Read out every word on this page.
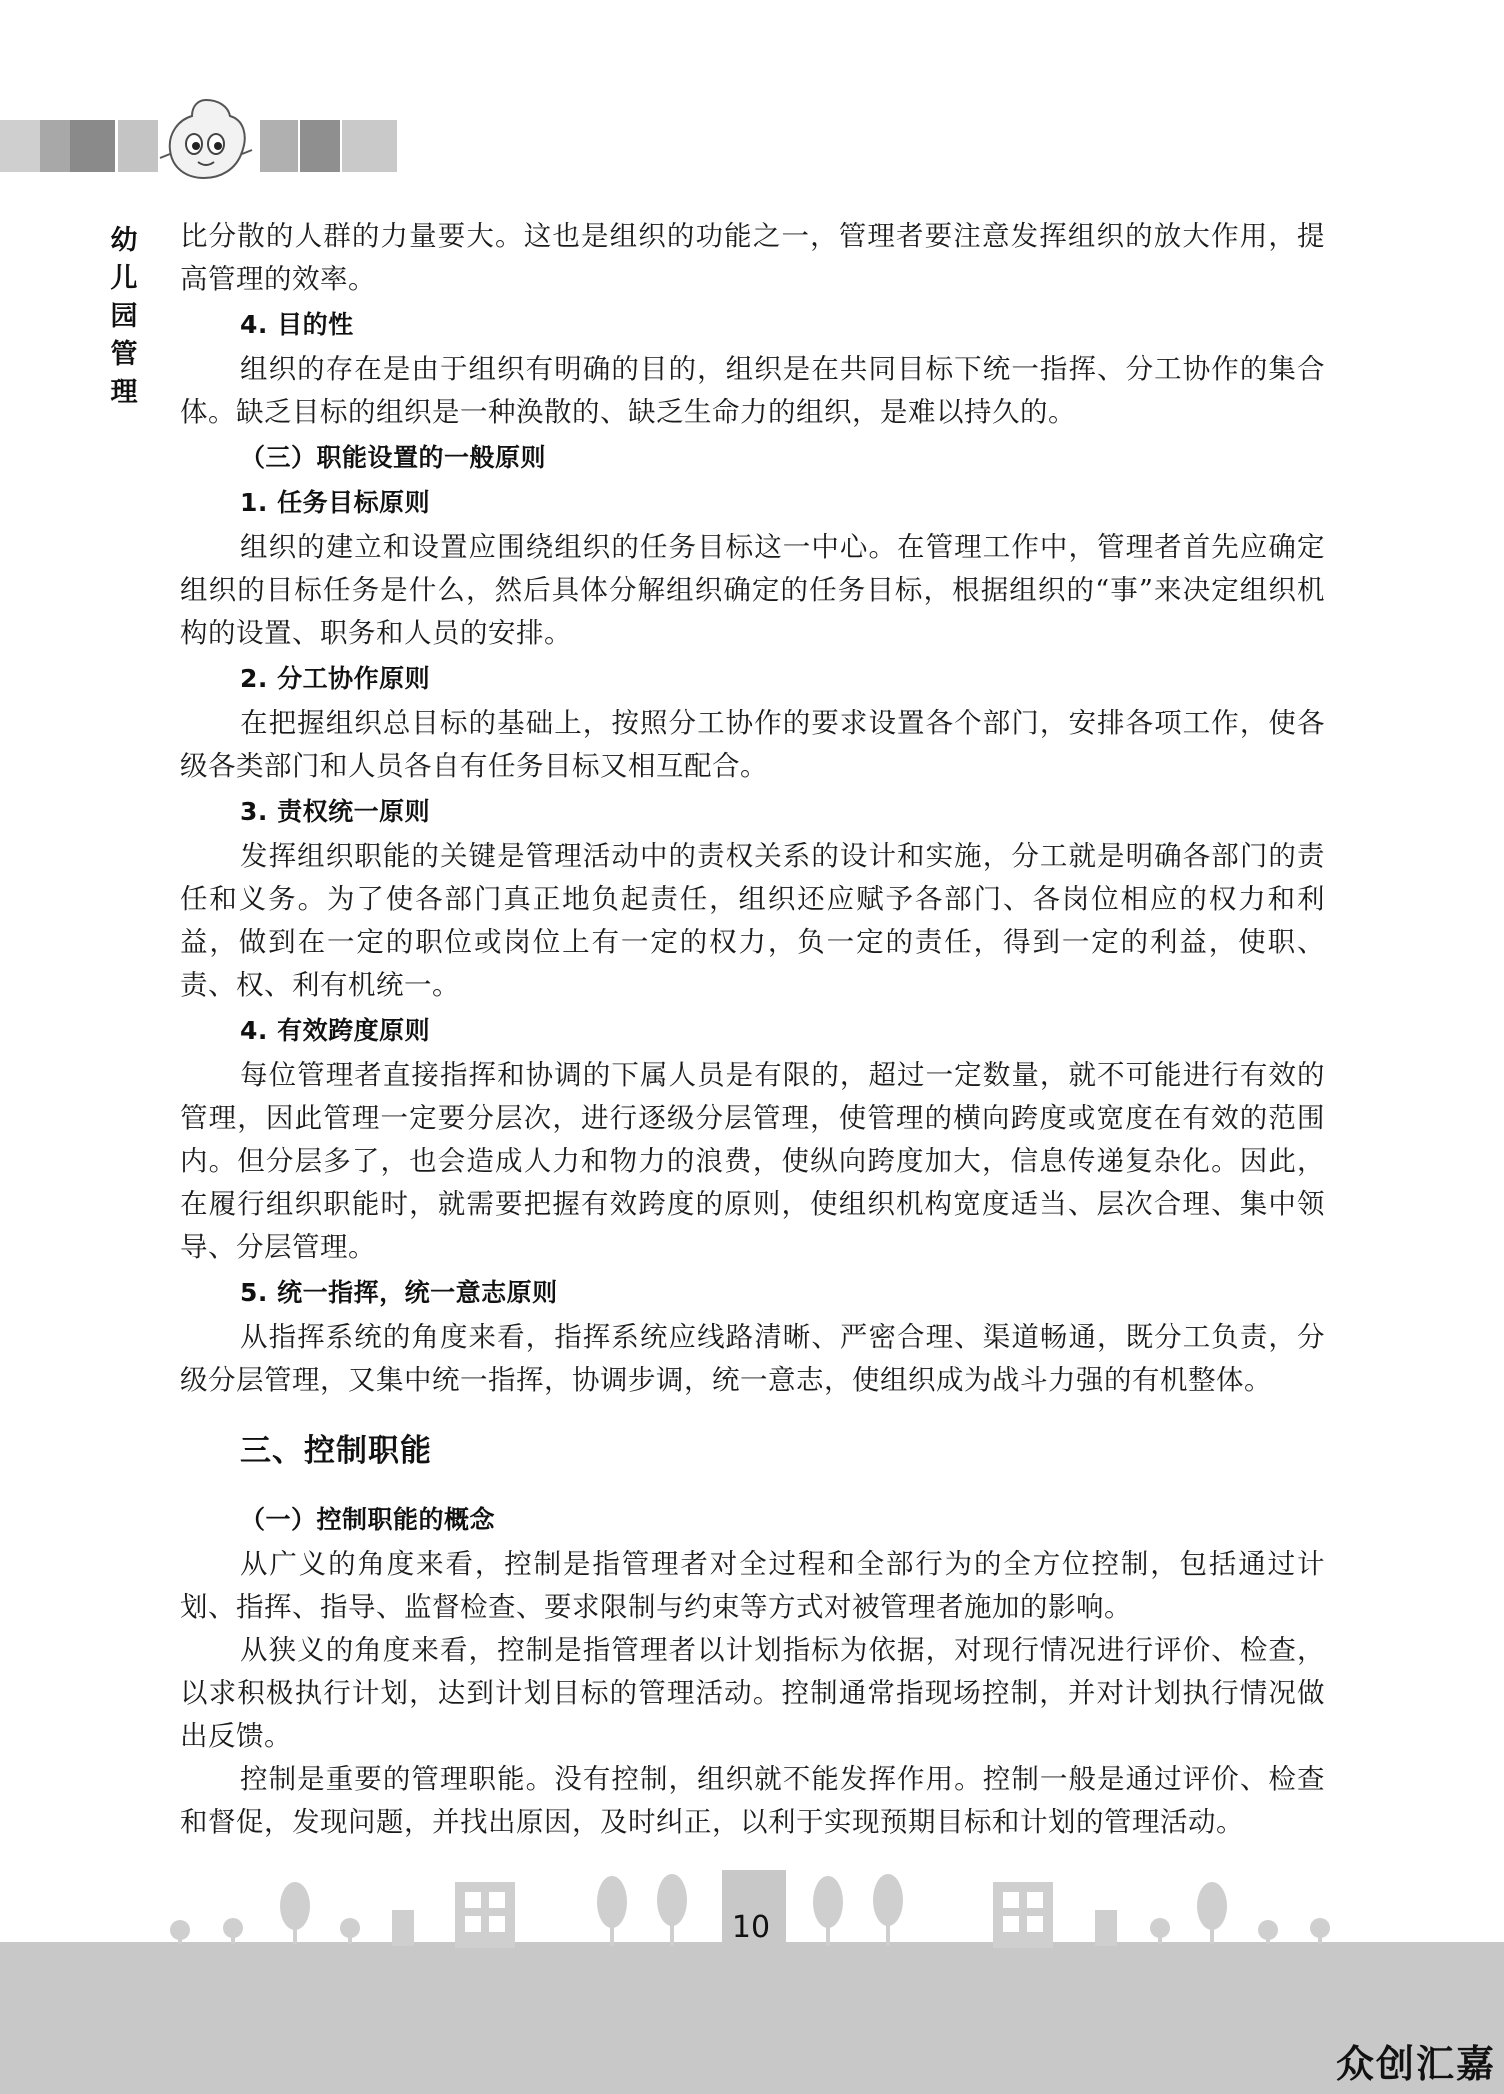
幼
儿
园
管
理

比分散的人群的力量要大。这也是组织的功能之一，管理者要注意发挥组织的放大作用，提高管理的效率。

4. 目的性

组织的存在是由于组织有明确的目的，组织是在共同目标下统一指挥、分工协作的集合体。缺乏目标的组织是一种涣散的、缺乏生命力的组织，是难以持久的。

（三）职能设置的一般原则
1. 任务目标原则

组织的建立和设置应围绕组织的任务目标这一中心。在管理工作中，管理者首先应确定组织的目标任务是什么，然后具体分解组织确定的任务目标，根据组织的“事”来决定组织机构的设置、职务和人员的安排。

2. 分工协作原则

在把握组织总目标的基础上，按照分工协作的要求设置各个部门，安排各项工作，使各级各类部门和人员各自有任务目标又相互配合。

3. 责权统一原则

发挥组织职能的关键是管理活动中的责权关系的设计和实施，分工就是明确各部门的责任和义务。为了使各部门真正地负起责任，组织还应赋予各部门、各岗位相应的权力和利益，做到在一定的职位或岗位上有一定的权力，负一定的责任，得到一定的利益，使职、责、权、利有机统一。

4. 有效跨度原则

每位管理者直接指挥和协调的下属人员是有限的，超过一定数量，就不可能进行有效的管理，因此管理一定要分层次，进行逐级分层管理，使管理的横向跨度或宽度在有效的范围内。但分层多了，也会造成人力和物力的浪费，使纵向跨度加大，信息传递复杂化。因此，在履行组织职能时，就需要把握有效跨度的原则，使组织机构宽度适当、层次合理、集中领导、分层管理。

5. 统一指挥，统一意志原则

从指挥系统的角度来看，指挥系统应线路清晰、严密合理、渠道畅通，既分工负责，分级分层管理，又集中统一指挥，协调步调，统一意志，使组织成为战斗力强的有机整体。

三、控制职能
（一）控制职能的概念

从广义的角度来看，控制是指管理者对全过程和全部行为的全方位控制，包括通过计划、指挥、指导、监督检查、要求限制与约束等方式对被管理者施加的影响。

从狭义的角度来看，控制是指管理者以计划指标为依据，对现行情况进行评价、检查，以求积极执行计划，达到计划目标的管理活动。控制通常指现场控制，并对计划执行情况做出反馈。

控制是重要的管理职能。没有控制，组织就不能发挥作用。控制一般是通过评价、检查和督促，发现问题，并找出原因，及时纠正，以利于实现预期目标和计划的管理活动。

10
众创汇嘉
